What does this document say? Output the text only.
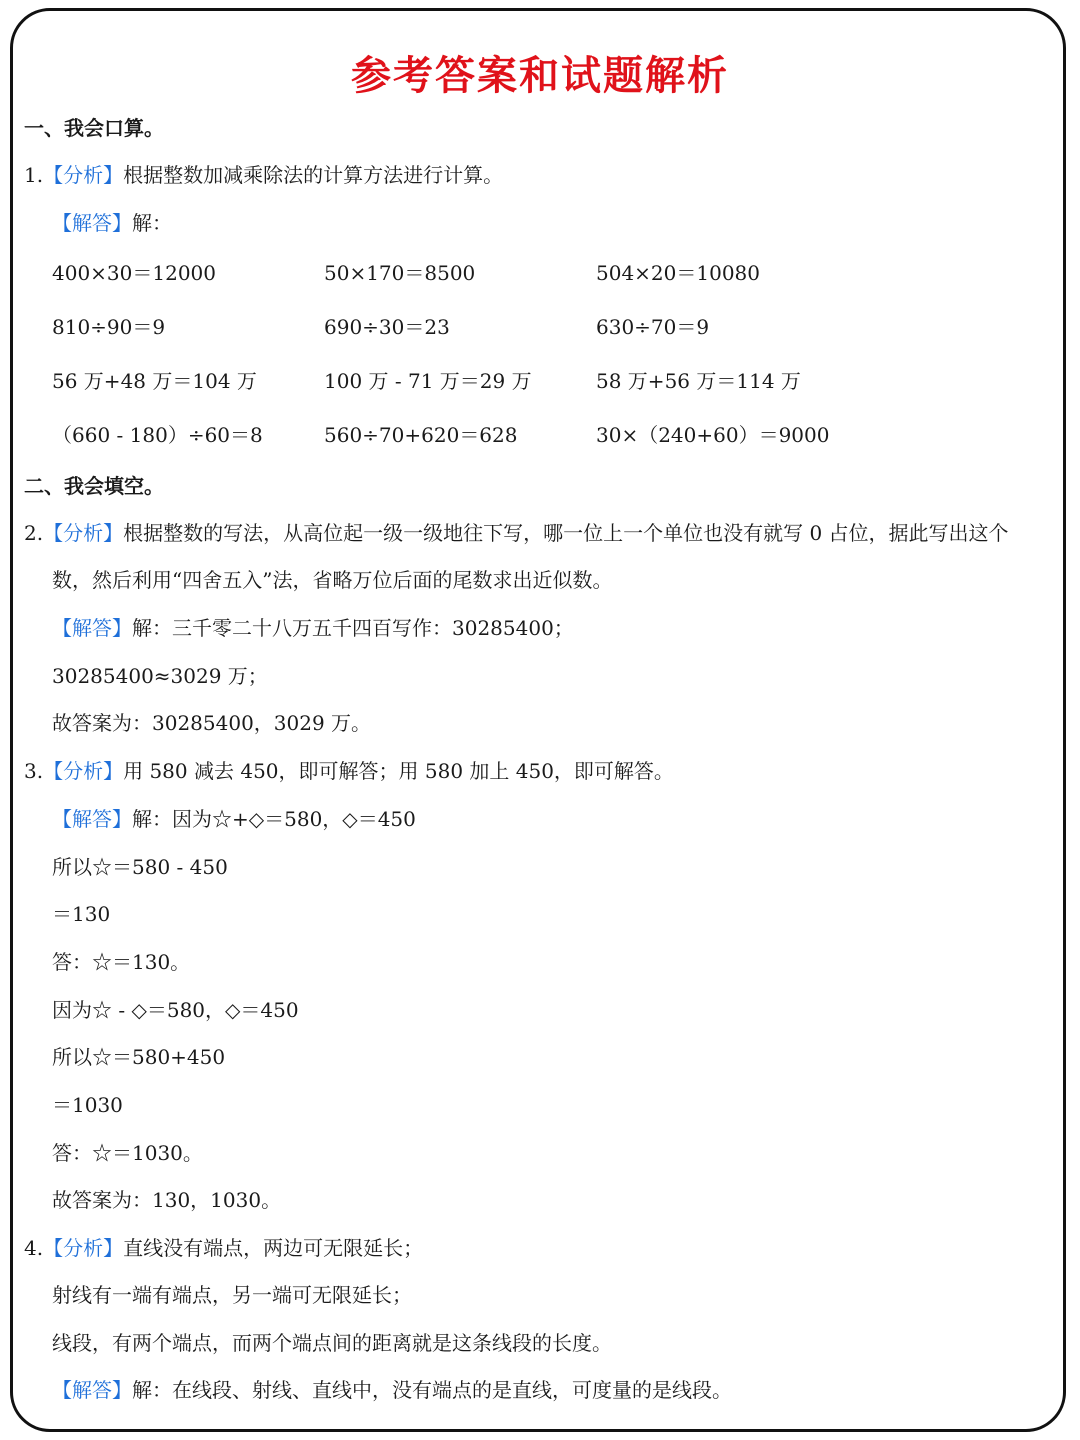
参考答案和试题解析

一、我会口算。

1.【分析】根据整数加减乘除法的计算方法进行计算。

【解答】解：

400×30＝12000	50×170＝8500	504×20＝10080

810÷90＝9	690÷30＝23	630÷70＝9

56 万+48 万＝104 万	100 万 - 71 万＝29 万	58 万+56 万＝114 万

（660 - 180）÷60＝8	560÷70+620＝628	30×（240+60）＝9000

二、我会填空。

2.【分析】根据整数的写法，从高位起一级一级地往下写，哪一位上一个单位也没有就写 0 占位，据此写出这个

数，然后利用“四舍五入”法，省略万位后面的尾数求出近似数。

【解答】解：三千零二十八万五千四百写作：30285400；

30285400≈3029 万；

故答案为：30285400，3029 万。

3.【分析】用 580 减去 450，即可解答；用 580 加上 450，即可解答。

【解答】解：因为☆+◇＝580，◇＝450

所以☆＝580 - 450

＝130

答：☆＝130。

因为☆ - ◇＝580，◇＝450

所以☆＝580+450

＝1030

答：☆＝1030。

故答案为：130，1030。

4.【分析】直线没有端点，两边可无限延长；

射线有一端有端点，另一端可无限延长；

线段，有两个端点，而两个端点间的距离就是这条线段的长度。

【解答】解：在线段、射线、直线中，没有端点的是直线，可度量的是线段。
